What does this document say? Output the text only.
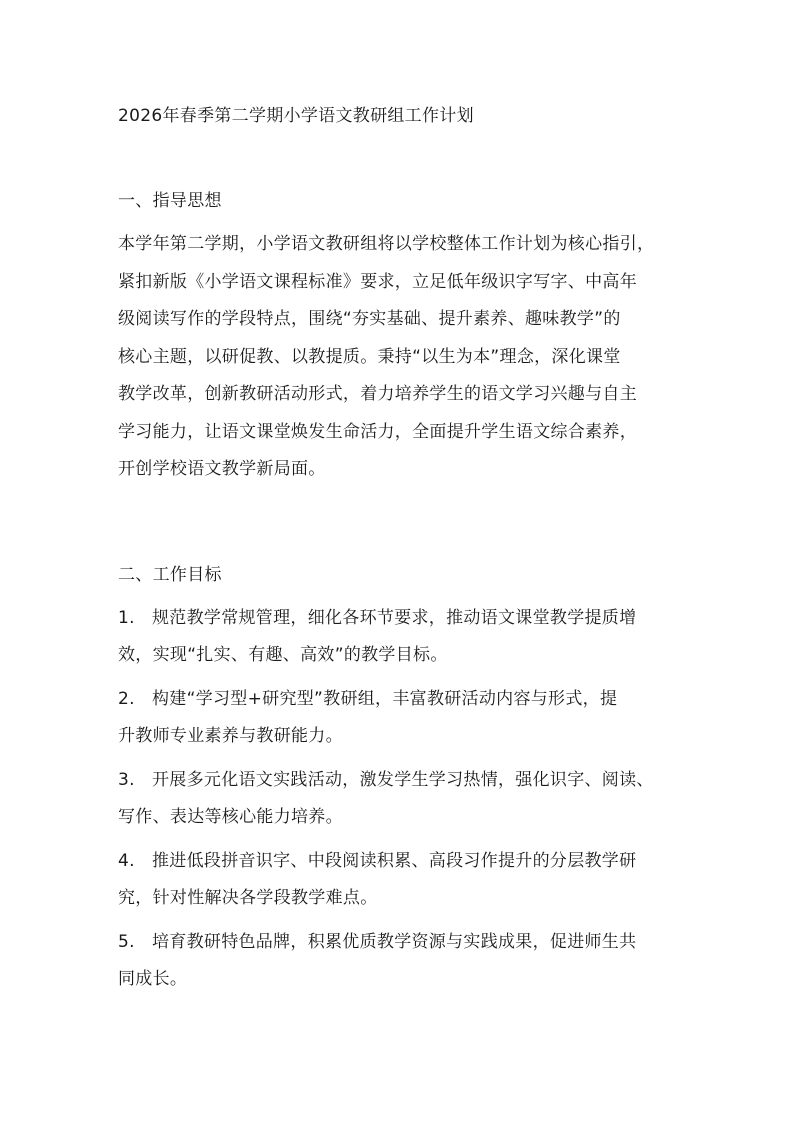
2026年春季第二学期小学语文教研组工作计划
一、指导思想
本学年第二学期，小学语文教研组将以学校整体工作计划为核心指引，
紧扣新版《小学语文课程标准》要求，立足低年级识字写字、中高年
级阅读写作的学段特点，围绕“夯实基础、提升素养、趣味教学”的
核心主题，以研促教、以教提质。秉持“以生为本”理念，深化课堂
教学改革，创新教研活动形式，着力培养学生的语文学习兴趣与自主
学习能力，让语文课堂焕发生命活力，全面提升学生语文综合素养，
开创学校语文教学新局面。
二、工作目标
1. 规范教学常规管理，细化各环节要求，推动语文课堂教学提质增
效，实现“扎实、有趣、高效”的教学目标。
2. 构建“学习型+研究型”教研组，丰富教研活动内容与形式，提
升教师专业素养与教研能力。
3. 开展多元化语文实践活动，激发学生学习热情，强化识字、阅读、
写作、表达等核心能力培养。
4. 推进低段拼音识字、中段阅读积累、高段习作提升的分层教学研
究，针对性解决各学段教学难点。
5. 培育教研特色品牌，积累优质教学资源与实践成果，促进师生共
同成长。
